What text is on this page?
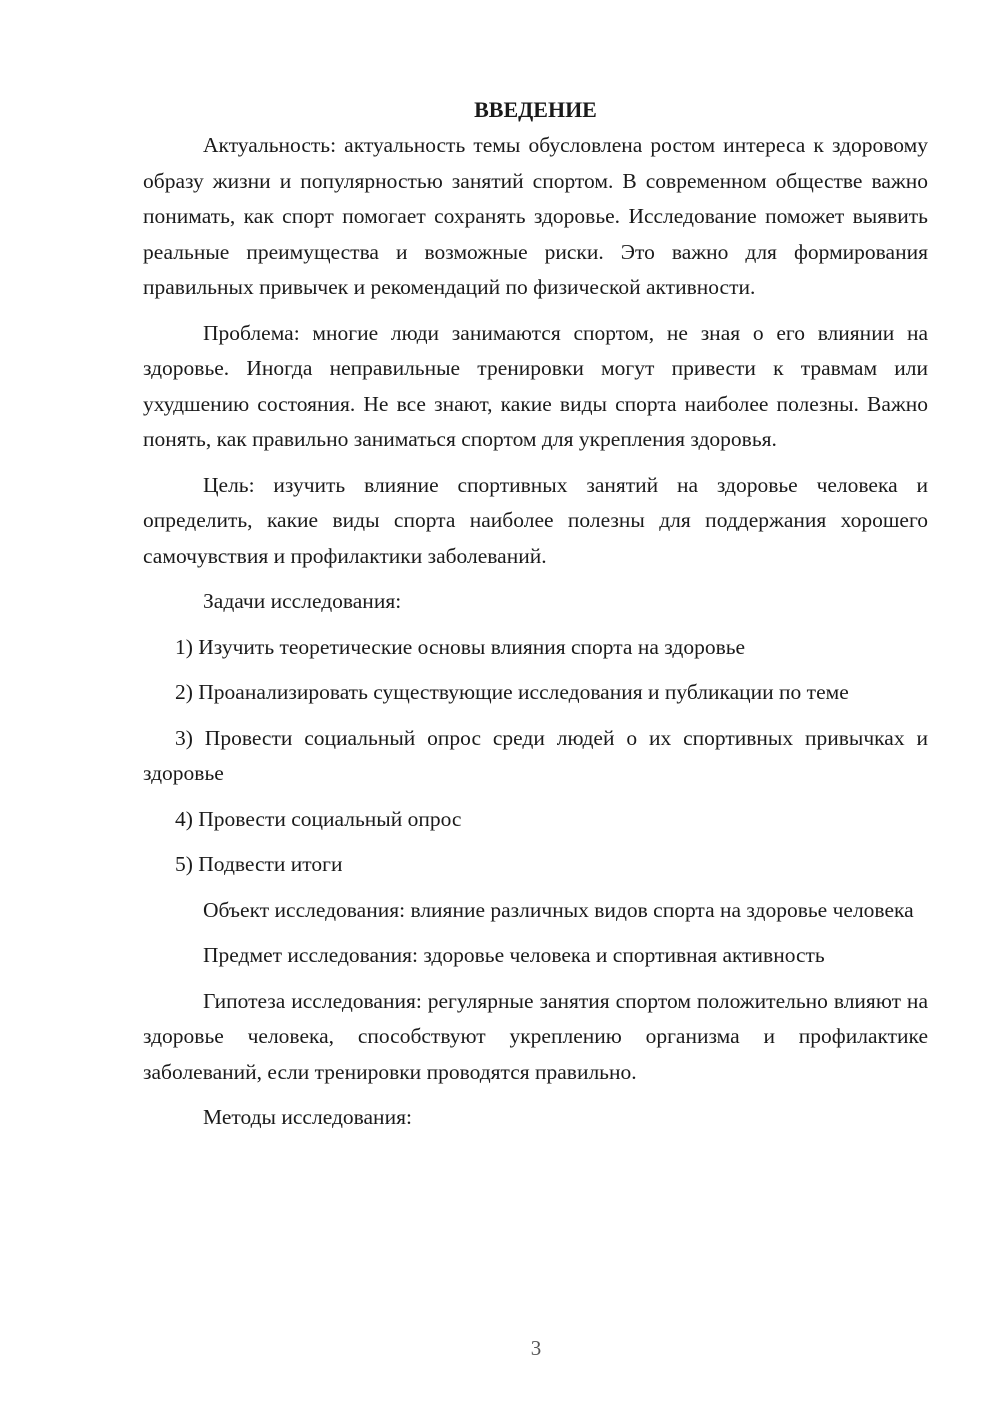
ВВЕДЕНИЕ

Актуальность: актуальность темы обусловлена ростом интереса к здоровому образу жизни и популярностью занятий спортом. В современном обществе важно понимать, как спорт помогает сохранять здоровье. Исследование поможет выявить реальные преимущества и возможные риски. Это важно для формирования правильных привычек и рекомендаций по физической активности.

Проблема: многие люди занимаются спортом, не зная о его влиянии на здоровье. Иногда неправильные тренировки могут привести к травмам или ухудшению состояния. Не все знают, какие виды спорта наиболее полезны. Важно понять, как правильно заниматься спортом для укрепления здоровья.

Цель: изучить влияние спортивных занятий на здоровье человека и определить, какие виды спорта наиболее полезны для поддержания хорошего самочувствия и профилактики заболеваний.

Задачи исследования:

1) Изучить теоретические основы влияния спорта на здоровье

2) Проанализировать существующие исследования и публикации по теме

3) Провести социальный опрос среди людей о их спортивных привычках и здоровье

4) Провести социальный опрос

5) Подвести итоги

Объект исследования: влияние различных видов спорта на здоровье человека

Предмет исследования: здоровье человека и спортивная активность

Гипотеза исследования: регулярные занятия спортом положительно влияют на здоровье человека, способствуют укреплению организма и профилактике заболеваний, если тренировки проводятся правильно.

Методы исследования:

3
